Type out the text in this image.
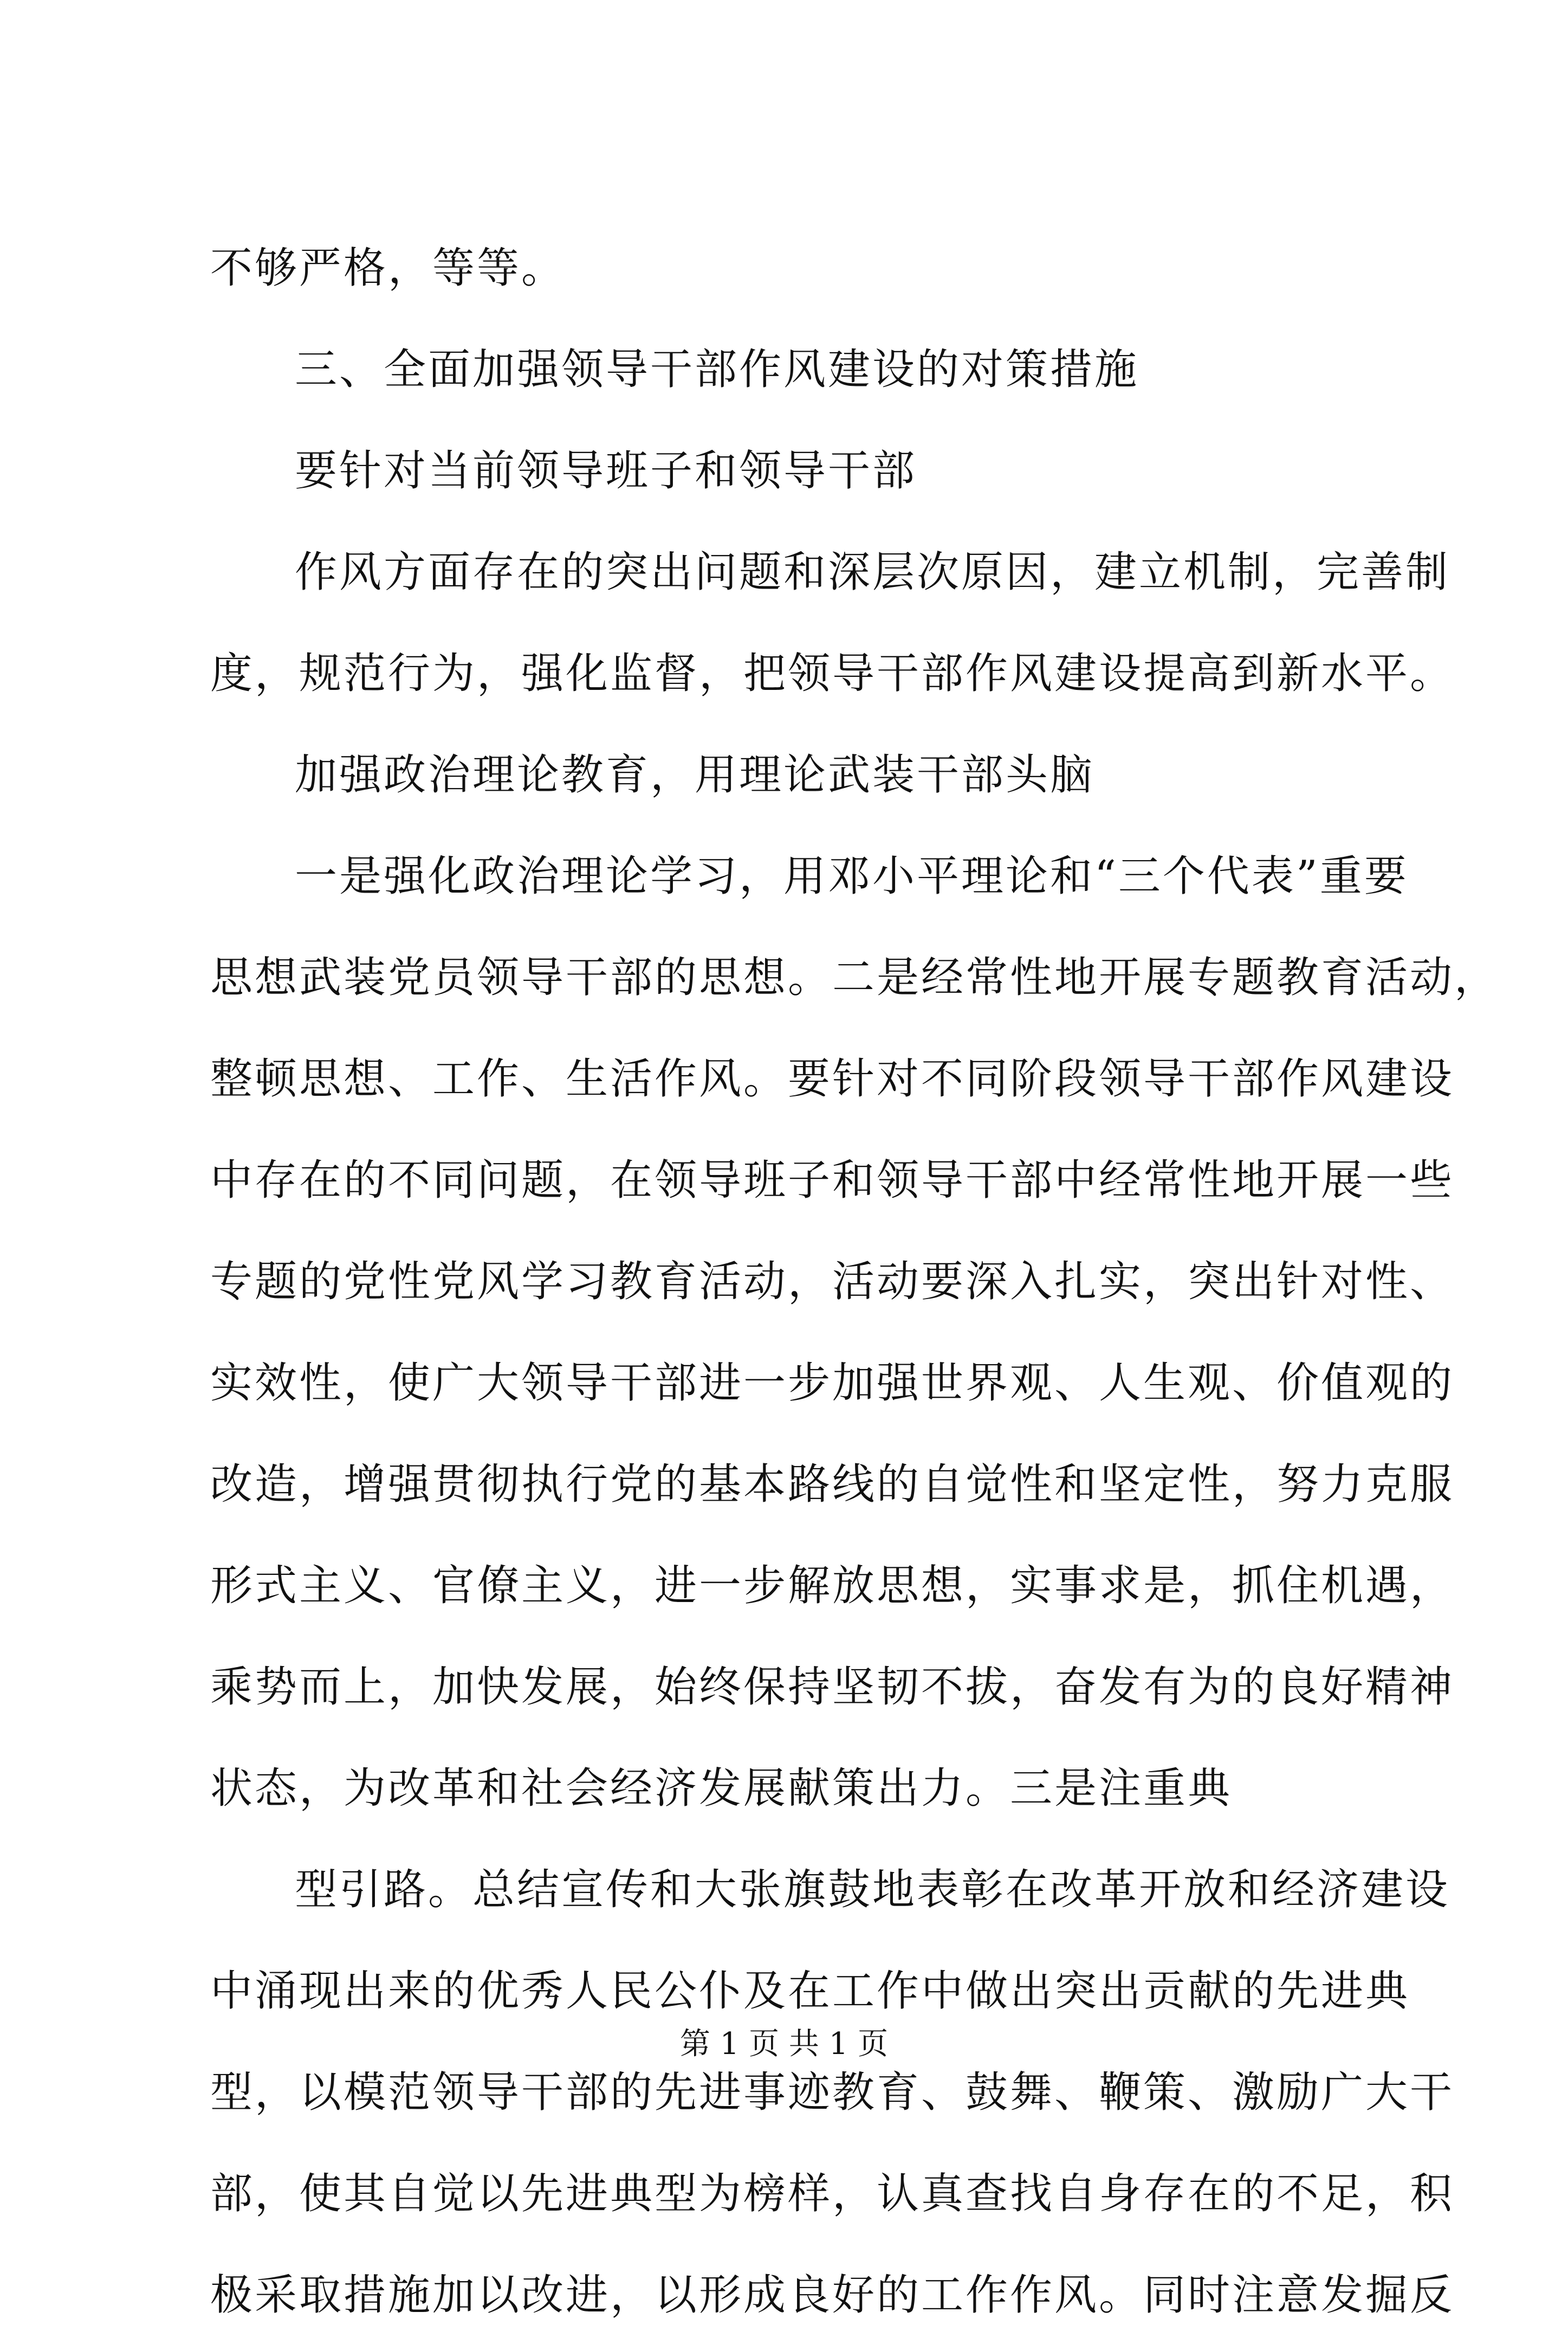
不够严格，等等。
三、全面加强领导干部作风建设的对策措施
要针对当前领导班子和领导干部
作风方面存在的突出问题和深层次原因，建立机制，完善制
度，规范行为，强化监督，把领导干部作风建设提高到新水平。
加强政治理论教育，用理论武装干部头脑
一是强化政治理论学习，用邓小平理论和“三个代表”重要
思想武装党员领导干部的思想。二是经常性地开展专题教育活动，
整顿思想、工作、生活作风。要针对不同阶段领导干部作风建设
中存在的不同问题，在领导班子和领导干部中经常性地开展一些
专题的党性党风学习教育活动，活动要深入扎实，突出针对性、
实效性，使广大领导干部进一步加强世界观、人生观、价值观的
改造，增强贯彻执行党的基本路线的自觉性和坚定性，努力克服
形式主义、官僚主义，进一步解放思想，实事求是，抓住机遇，
乘势而上，加快发展，始终保持坚韧不拔，奋发有为的良好精神
状态，为改革和社会经济发展献策出力。三是注重典
型引路。总结宣传和大张旗鼓地表彰在改革开放和经济建设
中涌现出来的优秀人民公仆及在工作中做出突出贡献的先进典
型，以模范领导干部的先进事迹教育、鼓舞、鞭策、激励广大干
部，使其自觉以先进典型为榜样，认真查找自身存在的不足，积
极采取措施加以改进，以形成良好的工作作风。同时注意发掘反
第 1 页 共 1 页
